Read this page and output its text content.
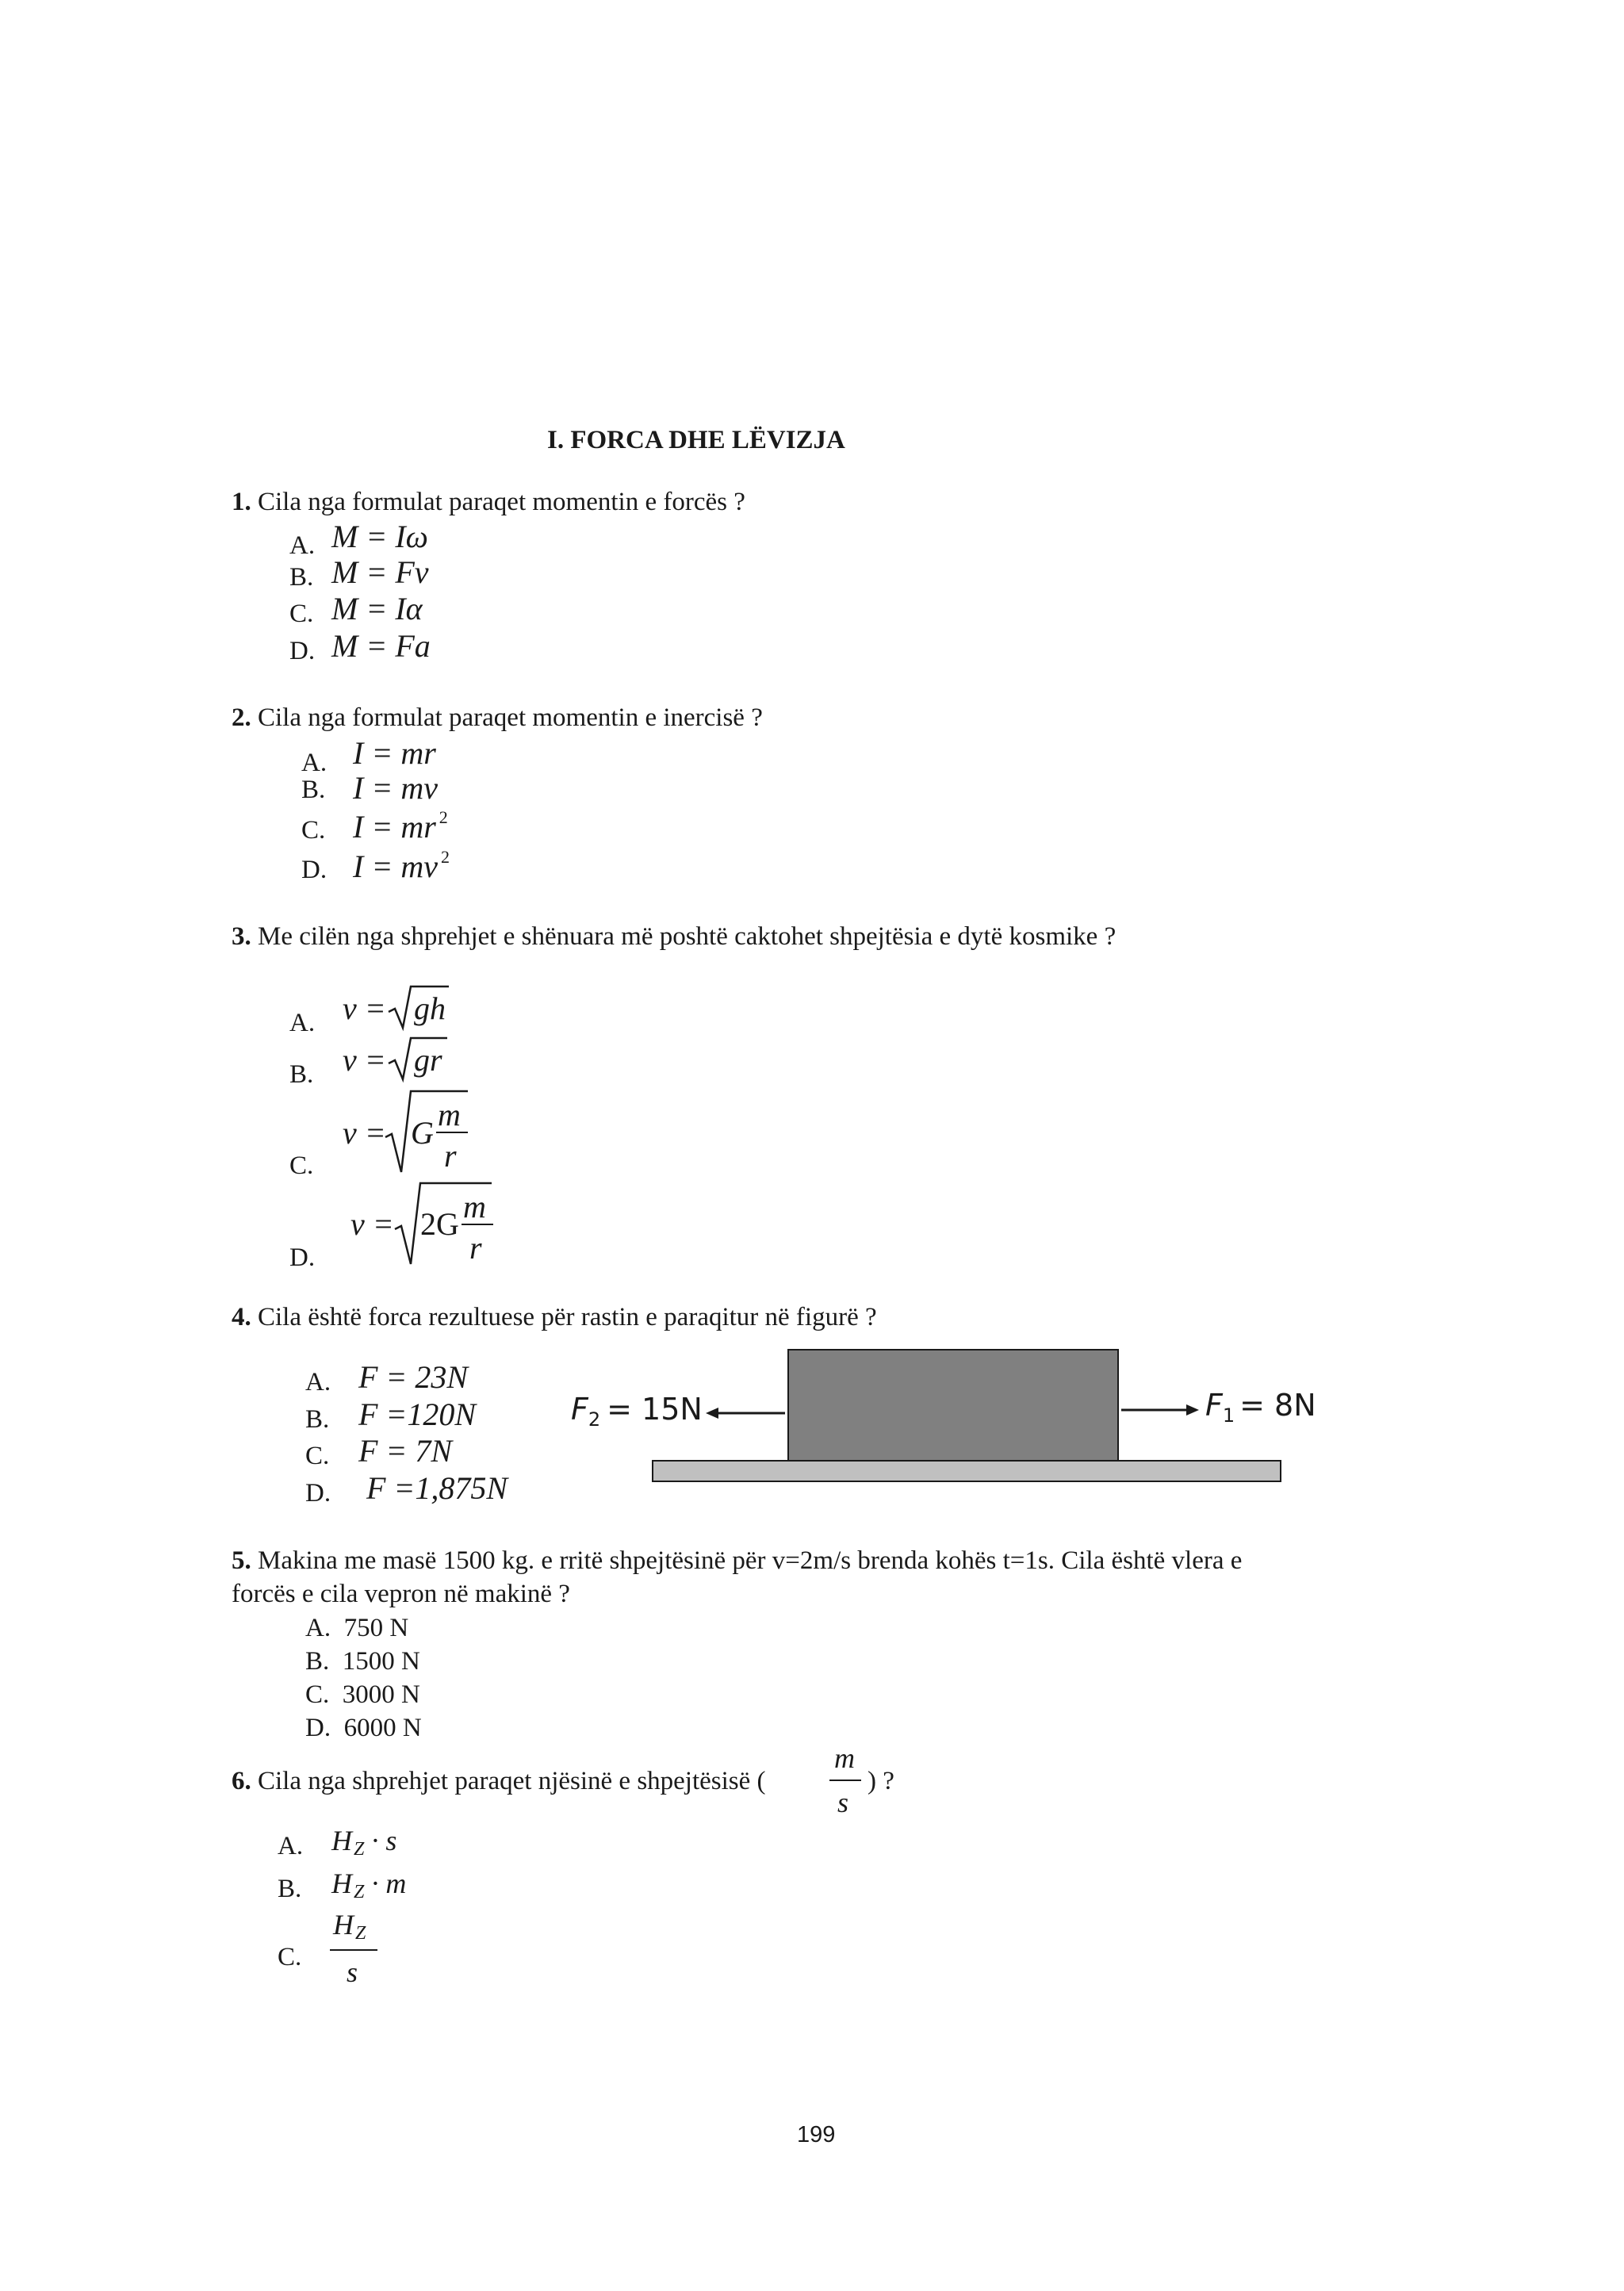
I. FORCA DHE LËVIZJA
1. Cila nga formulat paraqet momentin e forcës ?
A. M = Iω
B. M = Fv
C. M = Iα
D. M = Fa
2. Cila nga formulat paraqet momentin e inercisë ?
A. I = mr
B. I = mv
C. I = mr $^2$
D. I = mv $^2$
3. Me cilën nga shprehjet e shënuara më poshtë caktohet shpejtësia e dytë kosmike ?
A. v = gh
B. v = gr
C.
v = G
m
r
D.
v = 2G m
r
4. Cila është forca rezultuese për rastin e paraqitur në figurë ?
A. F = 23N
B. F =120N
C. F = 7N
D. F =1,875N
$F_2 = 15N$	$F_1 = 8N$
5. Makina me masë 1500 kg. e rritë shpejtësinë për v=2m/s brenda kohës t=1s. Cila është vlera e
forcës e cila vepron në makinë ?
A. 750 N
B. 1500 N
C. 3000 N
D. 6000 N
6. Cila nga shprehjet paraqet njësinë e shpejtësisë (
m
s
) ?
A. $H_Z \cdot s$
B. $H_Z \cdot m$
C.
$H_Z$
s
199
